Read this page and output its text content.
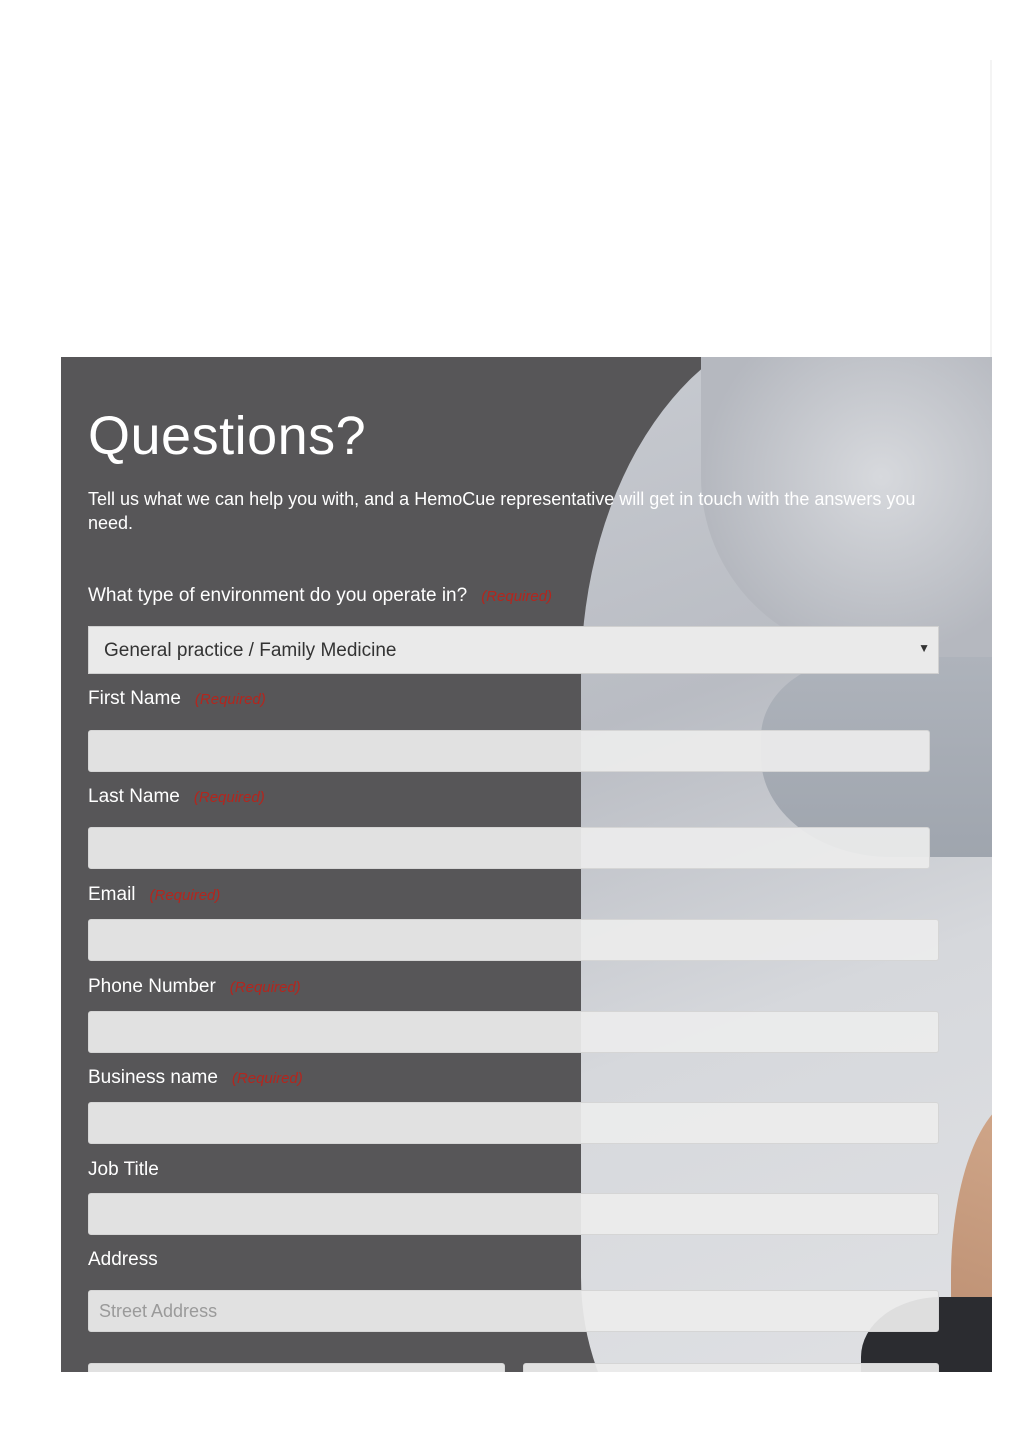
Questions?

Tell us what we can help you with, and a HemoCue representative will get in touch with the answers you need.

What type of environment do you operate in? (Required)
General practice / Family Medicine	▼
First Name (Required)
Last Name (Required)
Email (Required)
Phone Number (Required)
Business name (Required)
Job Title
Address
Street Address
